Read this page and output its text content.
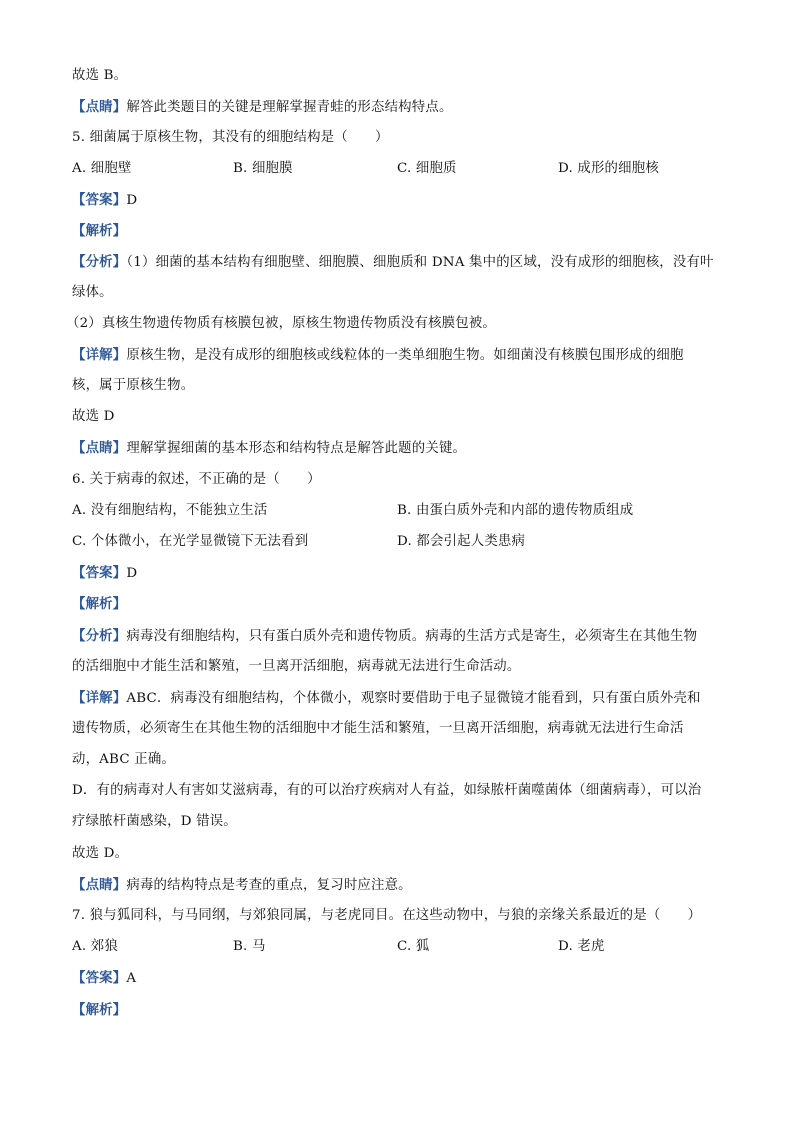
故选 B。
【点睛】解答此类题目的关键是理解掌握青蛙的形态结构特点。
5. 细菌属于原核生物，其没有的细胞结构是（　　）
A. 细胞壁	B. 细胞膜	C. 细胞质	D. 成形的细胞核
【答案】D
【解析】
【分析】（1）细菌的基本结构有细胞壁、细胞膜、细胞质和 DNA 集中的区域，没有成形的细胞核，没有叶
绿体。
（2）真核生物遗传物质有核膜包被，原核生物遗传物质没有核膜包被。
【详解】原核生物，是没有成形的细胞核或线粒体的一类单细胞生物。如细菌没有核膜包围形成的细胞
核，属于原核生物。
故选 D
【点睛】理解掌握细菌的基本形态和结构特点是解答此题的关键。
6. 关于病毒的叙述，不正确的是（　　）
A. 没有细胞结构，不能独立生活	B. 由蛋白质外壳和内部的遗传物质组成
C. 个体微小，在光学显微镜下无法看到	D. 都会引起人类患病
【答案】D
【解析】
【分析】病毒没有细胞结构，只有蛋白质外壳和遗传物质。病毒的生活方式是寄生，必须寄生在其他生物
的活细胞中才能生活和繁殖，一旦离开活细胞，病毒就无法进行生命活动。
【详解】ABC．病毒没有细胞结构，个体微小，观察时要借助于电子显微镜才能看到，只有蛋白质外壳和
遗传物质，必须寄生在其他生物的活细胞中才能生活和繁殖，一旦离开活细胞，病毒就无法进行生命活
动，ABC 正确。
D．有的病毒对人有害如艾滋病毒，有的可以治疗疾病对人有益，如绿脓杆菌噬菌体（细菌病毒），可以治
疗绿脓杆菌感染，D 错误。
故选 D。
【点睛】病毒的结构特点是考查的重点，复习时应注意。
7. 狼与狐同科，与马同纲，与郊狼同属，与老虎同目。在这些动物中，与狼的亲缘关系最近的是（　　）
A. 郊狼	B. 马	C. 狐	D. 老虎
【答案】A
【解析】
